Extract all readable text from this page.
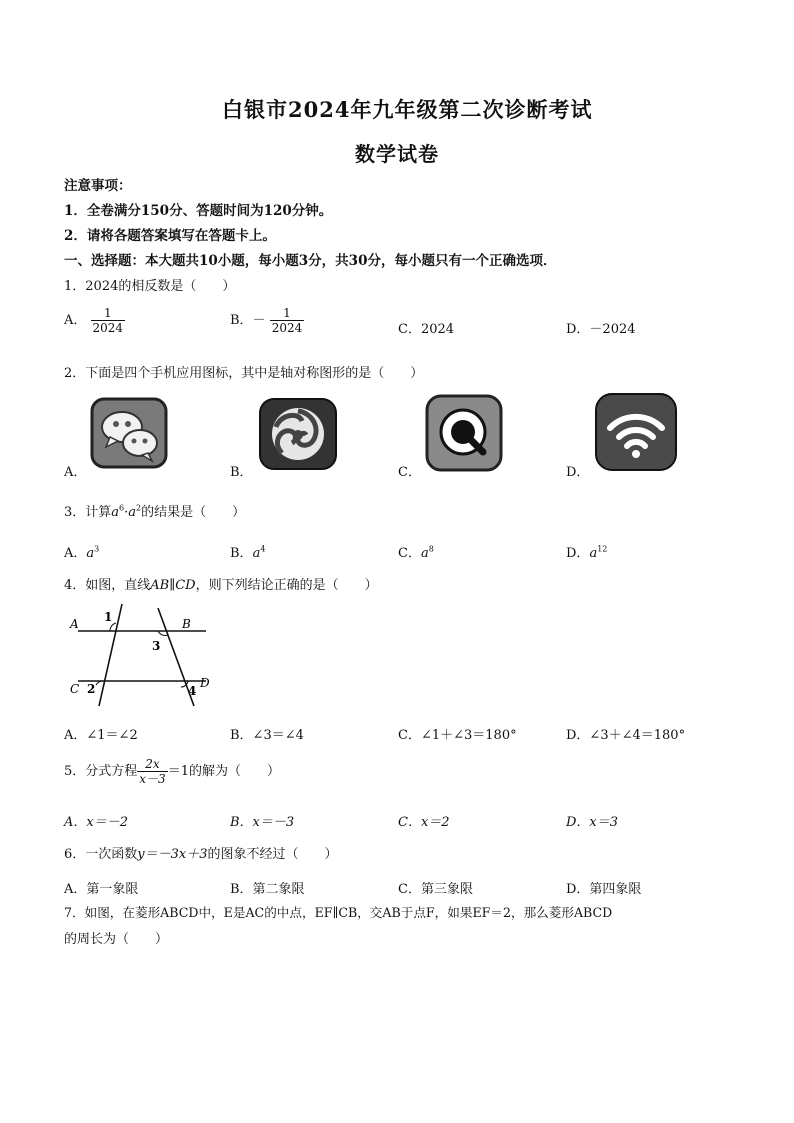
白银市2024年九年级第二次诊断考试
数学试卷
注意事项：
1．全卷满分150分、答题时间为120分钟。
2．请将各题答案填写在答题卡上。
一、选择题：本大题共10小题，每小题3分，共30分，每小题只有一个正确选项．
1．2024的相反数是（　　）
A． $\frac{1}{2024}$	B．－ $\frac{1}{2024}$	C．2024	D．－2024
2．下面是四个手机应用图标，其中是轴对称图形的是（　　）
A．	B．	C．	D．
3．计算$a^6\cdot a^2$的结果是（　　）
A．$a^3$	B．$a^4$	C．$a^8$	D．$a^{12}$
4．如图，直线AB∥CD，则下列结论正确的是（　　）
A	B
C	D
1
2
3
4
A．∠1＝∠2	B．∠3＝∠4	C．∠1＋∠3＝180°	D．∠3＋∠4＝180°
5．分式方程 $\frac{2x}{x-3} =1$的解为（　　）
A．x＝－2	B．x＝－3	C．x＝2	D．x＝3
6．一次函数y＝－3x＋3的图象不经过（　　）
A．第一象限	B．第二象限	C．第三象限	D．第四象限
7．如图，在菱形ABCD中，E是AC的中点，EF∥CB，交AB于点F，如果EF＝2，那么菱形ABCD
的周长为（　　）
